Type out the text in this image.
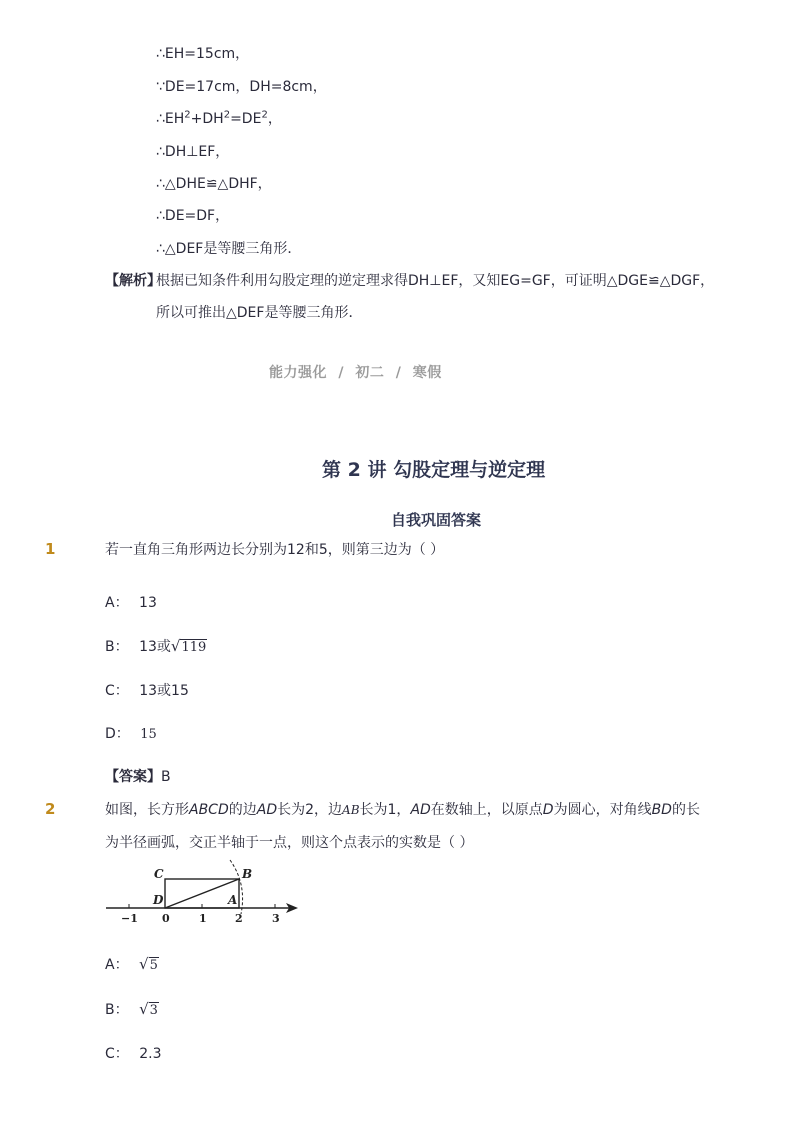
∴EH=15cm，
∵DE=17cm，DH=8cm，
$\therefore EH^2+DH^2=DE^2$，
∴DH⊥EF，
∴△DHE≌△DHF，
∴DE=DF，
∴△DEF是等腰三角形．
【解析】
根据已知条件利用勾股定理的逆定理求得DH⊥EF，又知EG=GF，可证明△DGE≌△DGF，
所以可推出△DEF是等腰三角形．
能力强化 / 初二 / 寒假
第 2 讲 勾股定理与逆定理
自我巩固答案
1	若一直角三角形两边长分别为12和5，则第三边为（ ）
A： 13
B： 13或√119
C： 13或15
D： 15
【答案】B
2	如图，长方形ABCD的边AD长为2，边AB长为1，AD在数轴上，以原点D为圆心，对角线BD的长
为半径画弧，交正半轴于一点，则这个点表示的实数是（ ）
C	B
D	A
−1 0	1	2	3
A： √5
B： √3
C： 2.3
